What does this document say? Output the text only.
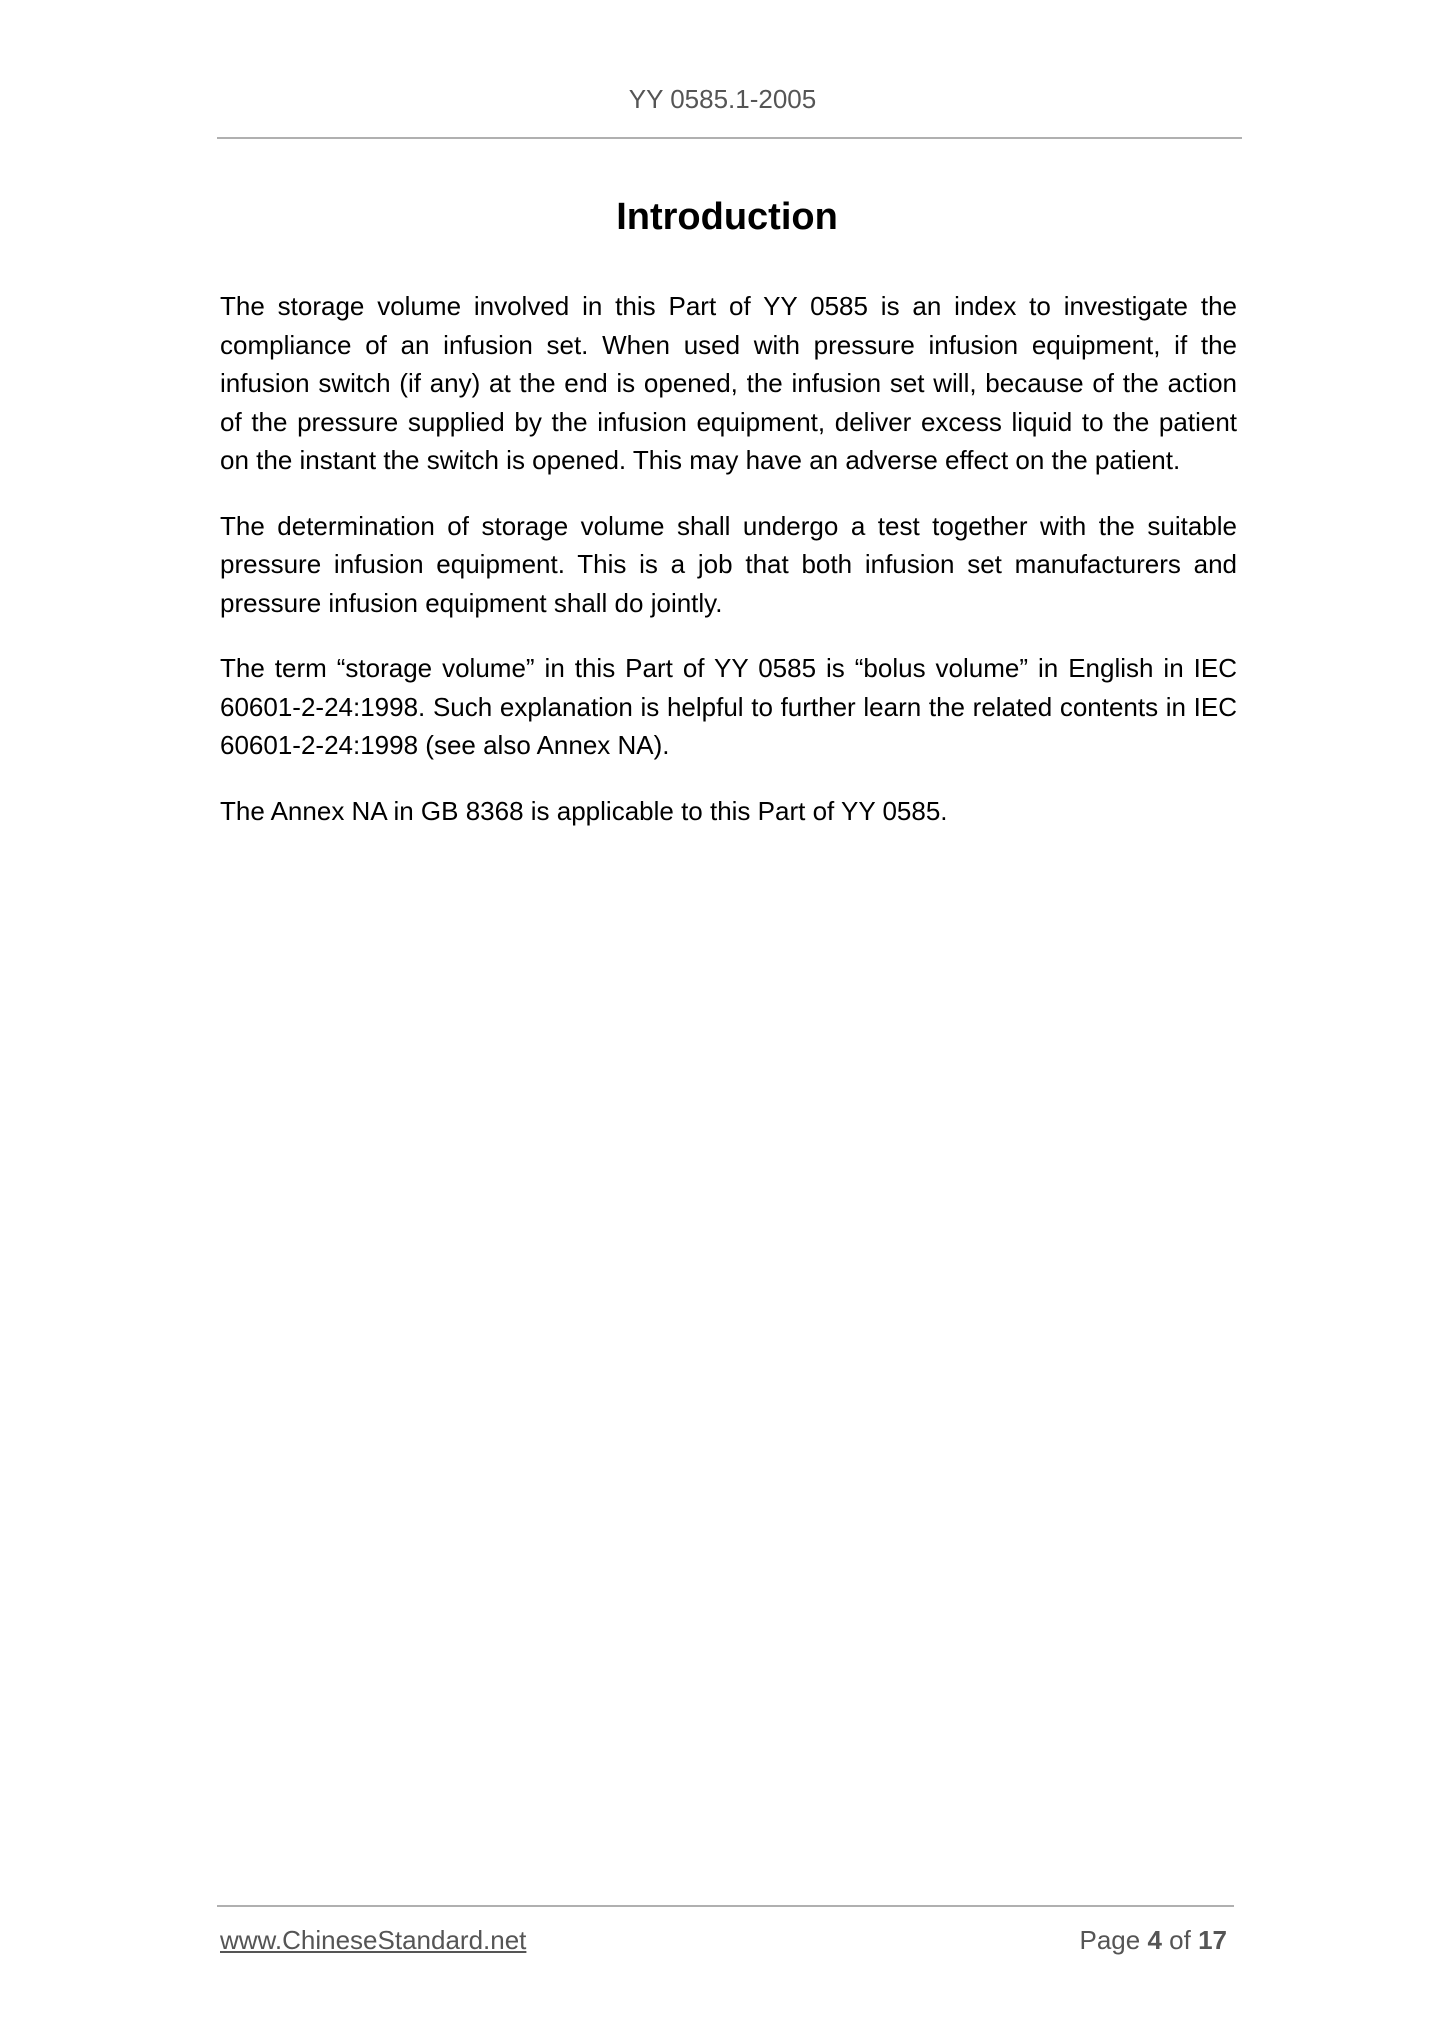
YY 0585.1-2005
Introduction

The storage volume involved in this Part of YY 0585 is an index to investigate the compliance of an infusion set. When used with pressure infusion equipment, if the infusion switch (if any) at the end is opened, the infusion set will, because of the action of the pressure supplied by the infusion equipment, deliver excess liquid to the patient on the instant the switch is opened. This may have an adverse effect on the patient.

The determination of storage volume shall undergo a test together with the suitable pressure infusion equipment. This is a job that both infusion set manufacturers and pressure infusion equipment shall do jointly.

The term “storage volume” in this Part of YY 0585 is “bolus volume” in English in IEC 60601-2-24:1998. Such explanation is helpful to further learn the related contents in IEC 60601-2-24:1998 (see also Annex NA).

The Annex NA in GB 8368 is applicable to this Part of YY 0585.

www.ChineseStandard.net	Page 4 of 17
